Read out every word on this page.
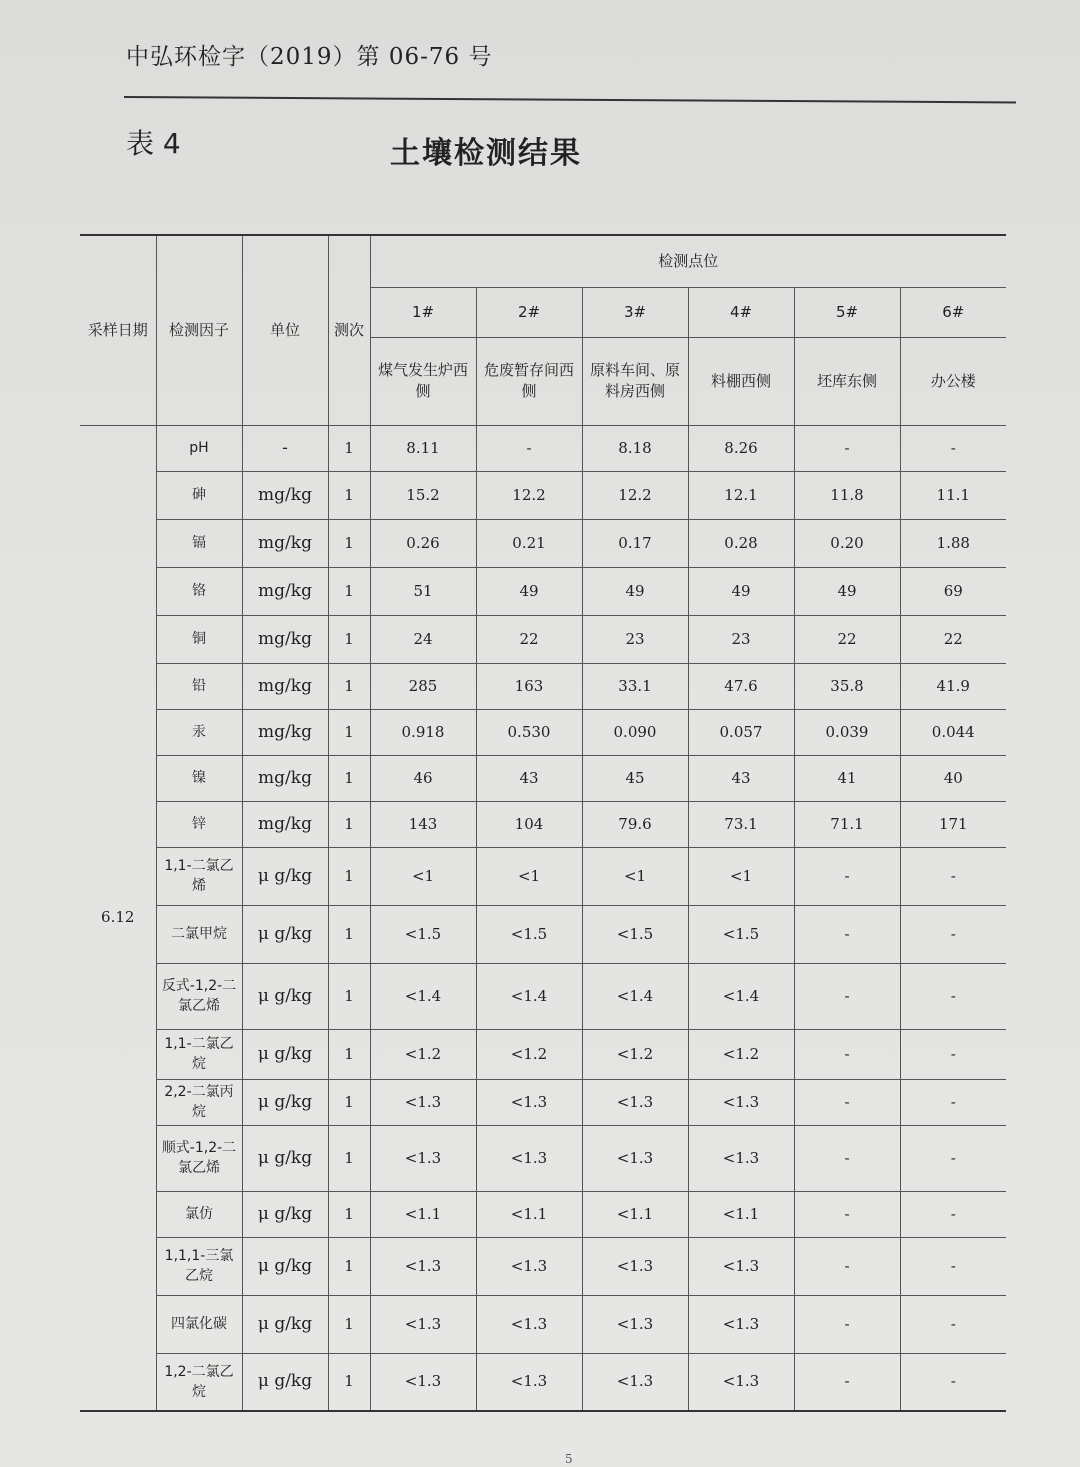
中弘环检字（2019）第 06-76 号
表 4	土壤检测结果
采样日期	检测因子	单位	测次	检测点位					
				1#	2#	3#	4#	5#	6#
				煤气发生炉西侧	危废暂存间西侧	原料车间、原料房西侧	料棚西侧	坯库东侧	办公楼
6.12	pH	-	1	8.11	-	8.18	8.26	-	-
	砷	mg/kg	1	15.2	12.2	12.2	12.1	11.8	11.1
	镉	mg/kg	1	0.26	0.21	0.17	0.28	0.20	1.88
	铬	mg/kg	1	51	49	49	49	49	69
	铜	mg/kg	1	24	22	23	23	22	22
	铅	mg/kg	1	285	163	33.1	47.6	35.8	41.9
	汞	mg/kg	1	0.918	0.530	0.090	0.057	0.039	0.044
	镍	mg/kg	1	46	43	45	43	41	40
	锌	mg/kg	1	143	104	79.6	73.1	71.1	171
	1,1-二氯乙烯	μ g/kg	1	<1	<1	<1	<1	-	-
	二氯甲烷	μ g/kg	1	<1.5	<1.5	<1.5	<1.5	-	-
	反式-1,2-二氯乙烯	μ g/kg	1	<1.4	<1.4	<1.4	<1.4	-	-
	1,1-二氯乙烷	μ g/kg	1	<1.2	<1.2	<1.2	<1.2	-	-
	2,2-二氯丙烷	μ g/kg	1	<1.3	<1.3	<1.3	<1.3	-	-
	顺式-1,2-二氯乙烯	μ g/kg	1	<1.3	<1.3	<1.3	<1.3	-	-
	氯仿	μ g/kg	1	<1.1	<1.1	<1.1	<1.1	-	-
	1,1,1-三氯乙烷	μ g/kg	1	<1.3	<1.3	<1.3	<1.3	-	-
	四氯化碳	μ g/kg	1	<1.3	<1.3	<1.3	<1.3	-	-
	1,2-二氯乙烷	μ g/kg	1	<1.3	<1.3	<1.3	<1.3	-	-
5
